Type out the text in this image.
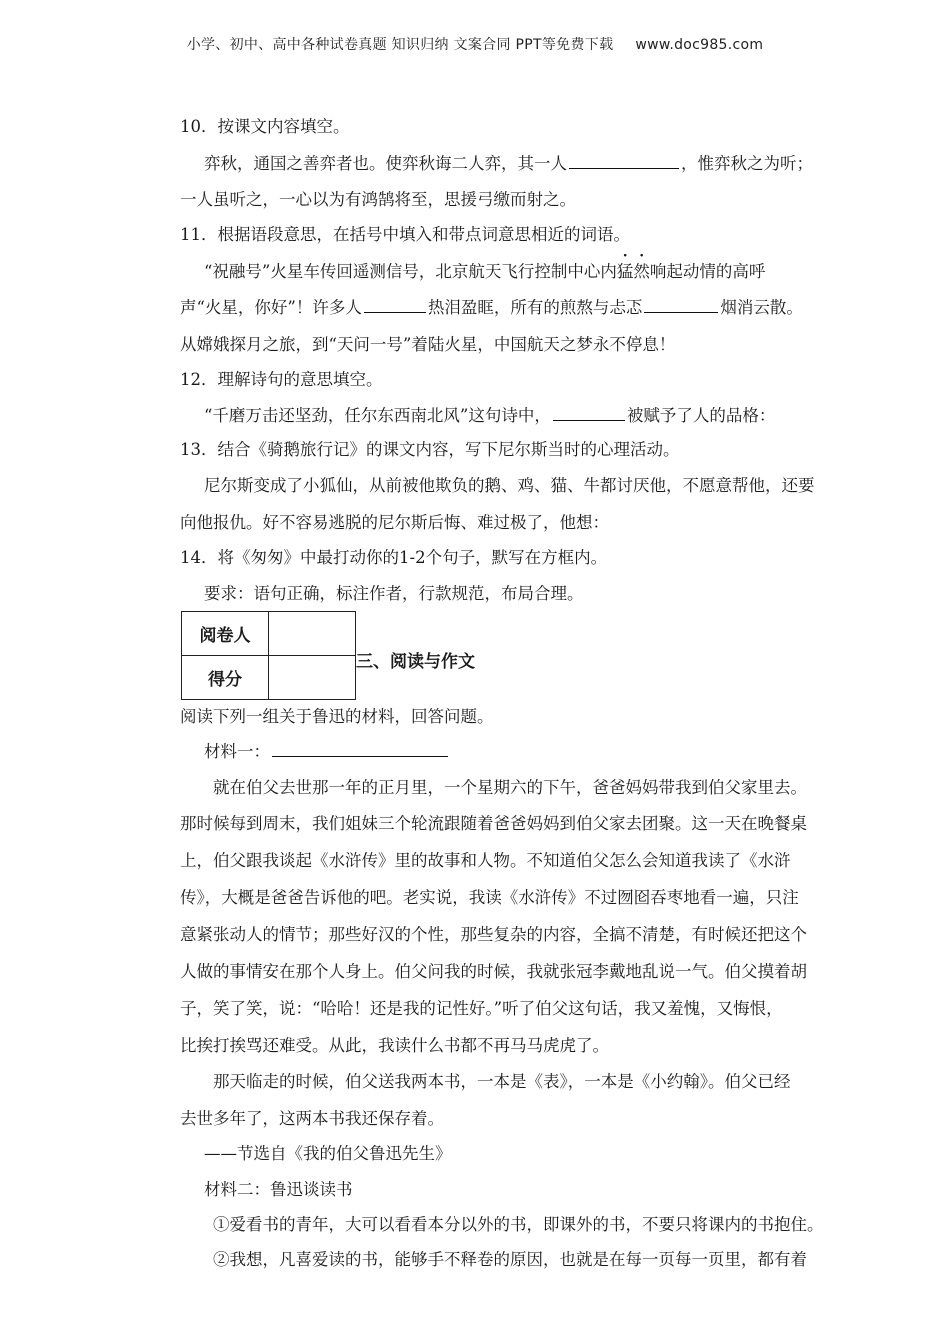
小学、初中、高中各种试卷真题 知识归纳 文案合同 PPT等免费下载 www.doc985.com
10．按课文内容填空。
弈秋，通国之善弈者也。使弈秋诲二人弈，其一人	，惟弈秋之为听；
一人虽听之，一心以为有鸿鹄将至，思援弓缴而射之。
11．根据语段意思，在括号中填入和带点词意思相近的词语。
“祝融号”火星车传回遥测信号，北京航天飞行控制中心内猛然响起动情的高呼
声“火星，你好”！许多人	热泪盈眶，所有的煎熬与忐忑	烟消云散。
从嫦娥探月之旅，到“天问一号”着陆火星，中国航天之梦永不停息！
12．理解诗句的意思填空。
“千磨万击还坚劲，任尔东西南北风”这句诗中，	被赋予了人的品格：
13．结合《骑鹅旅行记》的课文内容，写下尼尔斯当时的心理活动。
尼尔斯变成了小狐仙，从前被他欺负的鹅、鸡、猫、牛都讨厌他，不愿意帮他，还要
向他报仇。好不容易逃脱的尼尔斯后悔、难过极了，他想：
14．将《匆匆》中最打动你的1-2个句子，默写在方框内。
要求：语句正确，标注作者，行款规范，布局合理。
阅卷人	
得分	
三、阅读与作文
阅读下列一组关于鲁迅的材料，回答问题。
材料一：
就在伯父去世那一年的正月里，一个星期六的下午，爸爸妈妈带我到伯父家里去。
那时候每到周末，我们姐妹三个轮流跟随着爸爸妈妈到伯父家去团聚。这一天在晚餐桌
上，伯父跟我谈起《水浒传》里的故事和人物。不知道伯父怎么会知道我读了《水浒
传》，大概是爸爸告诉他的吧。老实说，我读《水浒传》不过囫囵吞枣地看一遍，只注
意紧张动人的情节；那些好汉的个性，那些复杂的内容，全搞不清楚，有时候还把这个
人做的事情安在那个人身上。伯父问我的时候，我就张冠李戴地乱说一气。伯父摸着胡
子，笑了笑，说：“哈哈！还是我的记性好。”听了伯父这句话，我又羞愧，又悔恨，
比挨打挨骂还难受。从此，我读什么书都不再马马虎虎了。
那天临走的时候，伯父送我两本书，一本是《表》，一本是《小约翰》。伯父已经
去世多年了，这两本书我还保存着。
——节选自《我的伯父鲁迅先生》
材料二：鲁迅谈读书
①爱看书的青年，大可以看看本分以外的书，即课外的书，不要只将课内的书抱住。
②我想，凡喜爱读的书，能够手不释卷的原因，也就是在每一页每一页里，都有着
